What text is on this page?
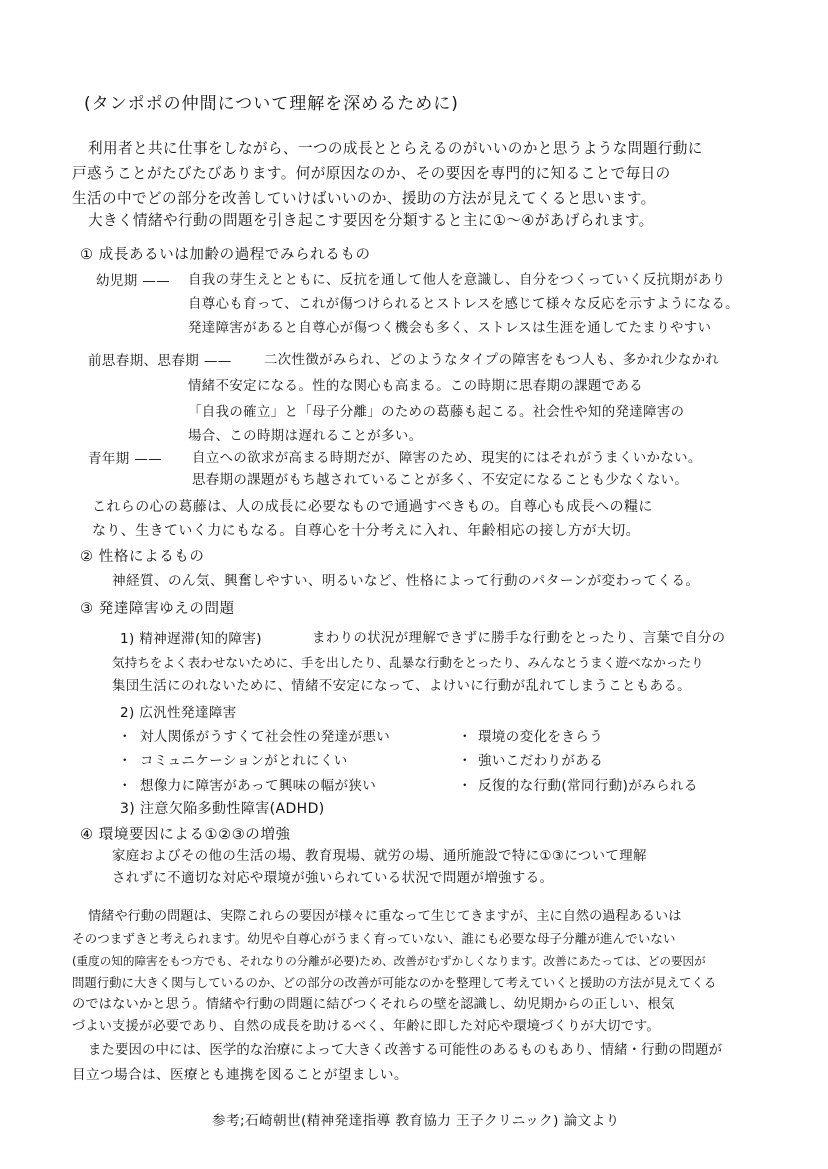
(タンポポの仲間について理解を深めるために)
利用者と共に仕事をしながら、一つの成長ととらえるのがいいのかと思うような問題行動に
戸惑うことがたびたびあります。何が原因なのか、その要因を専門的に知ることで毎日の
生活の中でどの部分を改善していけばいいのか、援助の方法が見えてくると思います。
大きく情緒や行動の問題を引き起こす要因を分類すると主に①〜④があげられます。
① 成長あるいは加齢の過程でみられるもの
幼児期 —— 自我の芽生えとともに、反抗を通して他人を意識し、自分をつくっていく反抗期があり
自尊心も育って、これが傷つけられるとストレスを感じて様々な反応を示すようになる。
発達障害があると自尊心が傷つく機会も多く、ストレスは生涯を通してたまりやすい
前思春期、思春期 —— 二次性徴がみられ、どのようなタイプの障害をもつ人も、多かれ少なかれ
情緒不安定になる。性的な関心も高まる。この時期に思春期の課題である
「自我の確立」と「母子分離」のための葛藤も起こる。社会性や知的発達障害の
場合、この時期は遅れることが多い。
青年期 —— 自立への欲求が高まる時期だが、障害のため、現実的にはそれがうまくいかない。
思春期の課題がもち越されていることが多く、不安定になることも少なくない。
これらの心の葛藤は、人の成長に必要なもので通過すべきもの。自尊心も成長への糧に
なり、生きていく力にもなる。自尊心を十分考えに入れ、年齢相応の接し方が大切。
② 性格によるもの
神経質、のん気、興奮しやすい、明るいなど、性格によって行動のパターンが変わってくる。
③ 発達障害ゆえの問題
1) 精神遅滞(知的障害)	まわりの状況が理解できずに勝手な行動をとったり、言葉で自分の
気持ちをよく表わせないために、手を出したり、乱暴な行動をとったり、みんなとうまく遊べなかったり
集団生活にのれないために、情緒不安定になって、よけいに行動が乱れてしまうこともある。
2) 広汎性発達障害
・ 対人関係がうすくて社会性の発達が悪い
・ コミュニケーションがとれにくい
・ 想像力に障害があって興味の幅が狭い
・ 環境の変化をきらう
・ 強いこだわりがある
・ 反復的な行動(常同行動)がみられる
3) 注意欠陥多動性障害(ADHD)
④ 環境要因による①②③の増強
家庭およびその他の生活の場、教育現場、就労の場、通所施設で特に①③について理解
されずに不適切な対応や環境が強いられている状況で問題が増強する。
情緒や行動の問題は、実際これらの要因が様々に重なって生じてきますが、主に自然の過程あるいは
そのつまずきと考えられます。幼児や自尊心がうまく育っていない、誰にも必要な母子分離が進んでいない
(重度の知的障害をもつ方でも、それなりの分離が必要)ため、改善がむずかしくなります。改善にあたっては、どの要因が
問題行動に大きく関与しているのか、どの部分の改善が可能なのかを整理して考えていくと援助の方法が見えてくる
のではないかと思う。情緒や行動の問題に結びつくそれらの壁を認識し、幼児期からの正しい、根気
づよい支援が必要であり、自然の成長を助けるべく、年齢に即した対応や環境づくりが大切です。
また要因の中には、医学的な治療によって大きく改善する可能性のあるものもあり、情緒・行動の問題が
目立つ場合は、医療とも連携を図ることが望ましい。
参考;石崎朝世(精神発達指導 教育協力 王子クリニック) 論文より
